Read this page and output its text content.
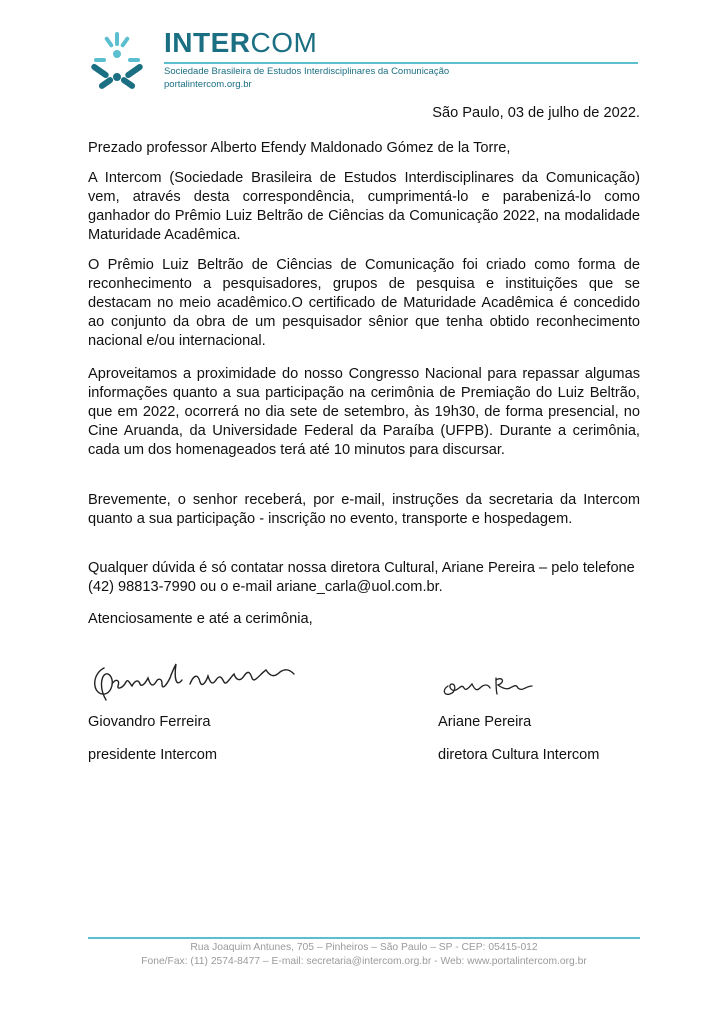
INTERCOM
Sociedade Brasileira de Estudos Interdisciplinares da Comunicação
portalintercom.org.br
São Paulo, 03 de julho de 2022.

Prezado professor Alberto Efendy Maldonado Gómez de la Torre,

A Intercom (Sociedade Brasileira de Estudos Interdisciplinares da Comunicação) vem, através desta correspondência, cumprimentá-lo e parabenizá-lo como ganhador do Prêmio Luiz Beltrão de Ciências da Comunicação 2022, na modalidade Maturidade Acadêmica.

O Prêmio Luiz Beltrão de Ciências de Comunicação foi criado como forma de reconhecimento a pesquisadores, grupos de pesquisa e instituições que se destacam no meio acadêmico.O certificado de Maturidade Acadêmica é concedido ao conjunto da obra de um pesquisador sênior que tenha obtido reconhecimento nacional e/ou internacional.

Aproveitamos a proximidade do nosso Congresso Nacional para repassar algumas informações quanto a sua participação na cerimônia de Premiação do Luiz Beltrão, que em 2022, ocorrerá no dia sete de setembro, às 19h30, de forma presencial, no Cine Aruanda, da Universidade Federal da Paraíba (UFPB). Durante a cerimônia, cada um dos homenageados terá até 10 minutos para discursar.

Brevemente, o senhor receberá, por e-mail, instruções da secretaria da Intercom quanto a sua participação - inscrição no evento, transporte e hospedagem.

Qualquer dúvida é só contatar nossa diretora Cultural, Ariane Pereira – pelo telefone (42) 98813-7990 ou o e-mail ariane_carla@uol.com.br.

Atenciosamente e até a cerimônia,

Giovandro Ferreira
presidente Intercom
Ariane Pereira
diretora Cultura Intercom
Rua Joaquim Antunes, 705 – Pinheiros – São Paulo – SP - CEP: 05415-012
Fone/Fax: (11) 2574-8477 – E-mail: secretaria@intercom.org.br - Web: www.portalintercom.org.br
